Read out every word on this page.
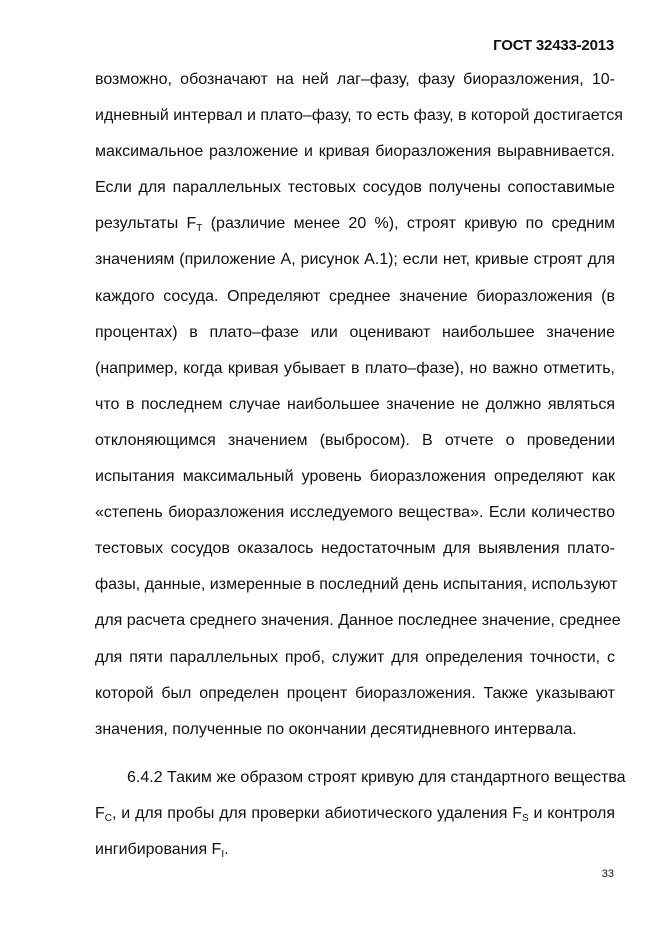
ГОСТ 32433-2013
возможно, обозначают на ней лаг–фазу, фазу биоразложения, 10-
идневный интервал и плато–фазу, то есть фазу, в которой достигается
максимальное разложение и кривая биоразложения выравнивается.
Если для параллельных тестовых сосудов получены сопоставимые
результаты $F_T$ (различие менее 20 %), строят кривую по средним
значениям (приложение А, рисунок А.1); если нет, кривые строят для
каждого сосуда. Определяют среднее значение биоразложения (в
процентах) в плато–фазе или оценивают наибольшее значение
(например, когда кривая убывает в плато–фазе), но важно отметить,
что в последнем случае наибольшее значение не должно являться
отклоняющимся значением (выбросом). В отчете о проведении
испытания максимальный уровень биоразложения определяют как
«степень биоразложения исследуемого вещества». Если количество
тестовых сосудов оказалось недостаточным для выявления плато-
фазы, данные, измеренные в последний день испытания, используют
для расчета среднего значения. Данное последнее значение, среднее
для пяти параллельных проб, служит для определения точности, с
которой был определен процент биоразложения. Также указывают
значения, полученные по окончании десятидневного интервала.
6.4.2 Таким же образом строят кривую для стандартного вещества
$F_C$, и для пробы для проверки абиотического удаления $F_S$ и контроля
ингибирования $F_I$.
33
